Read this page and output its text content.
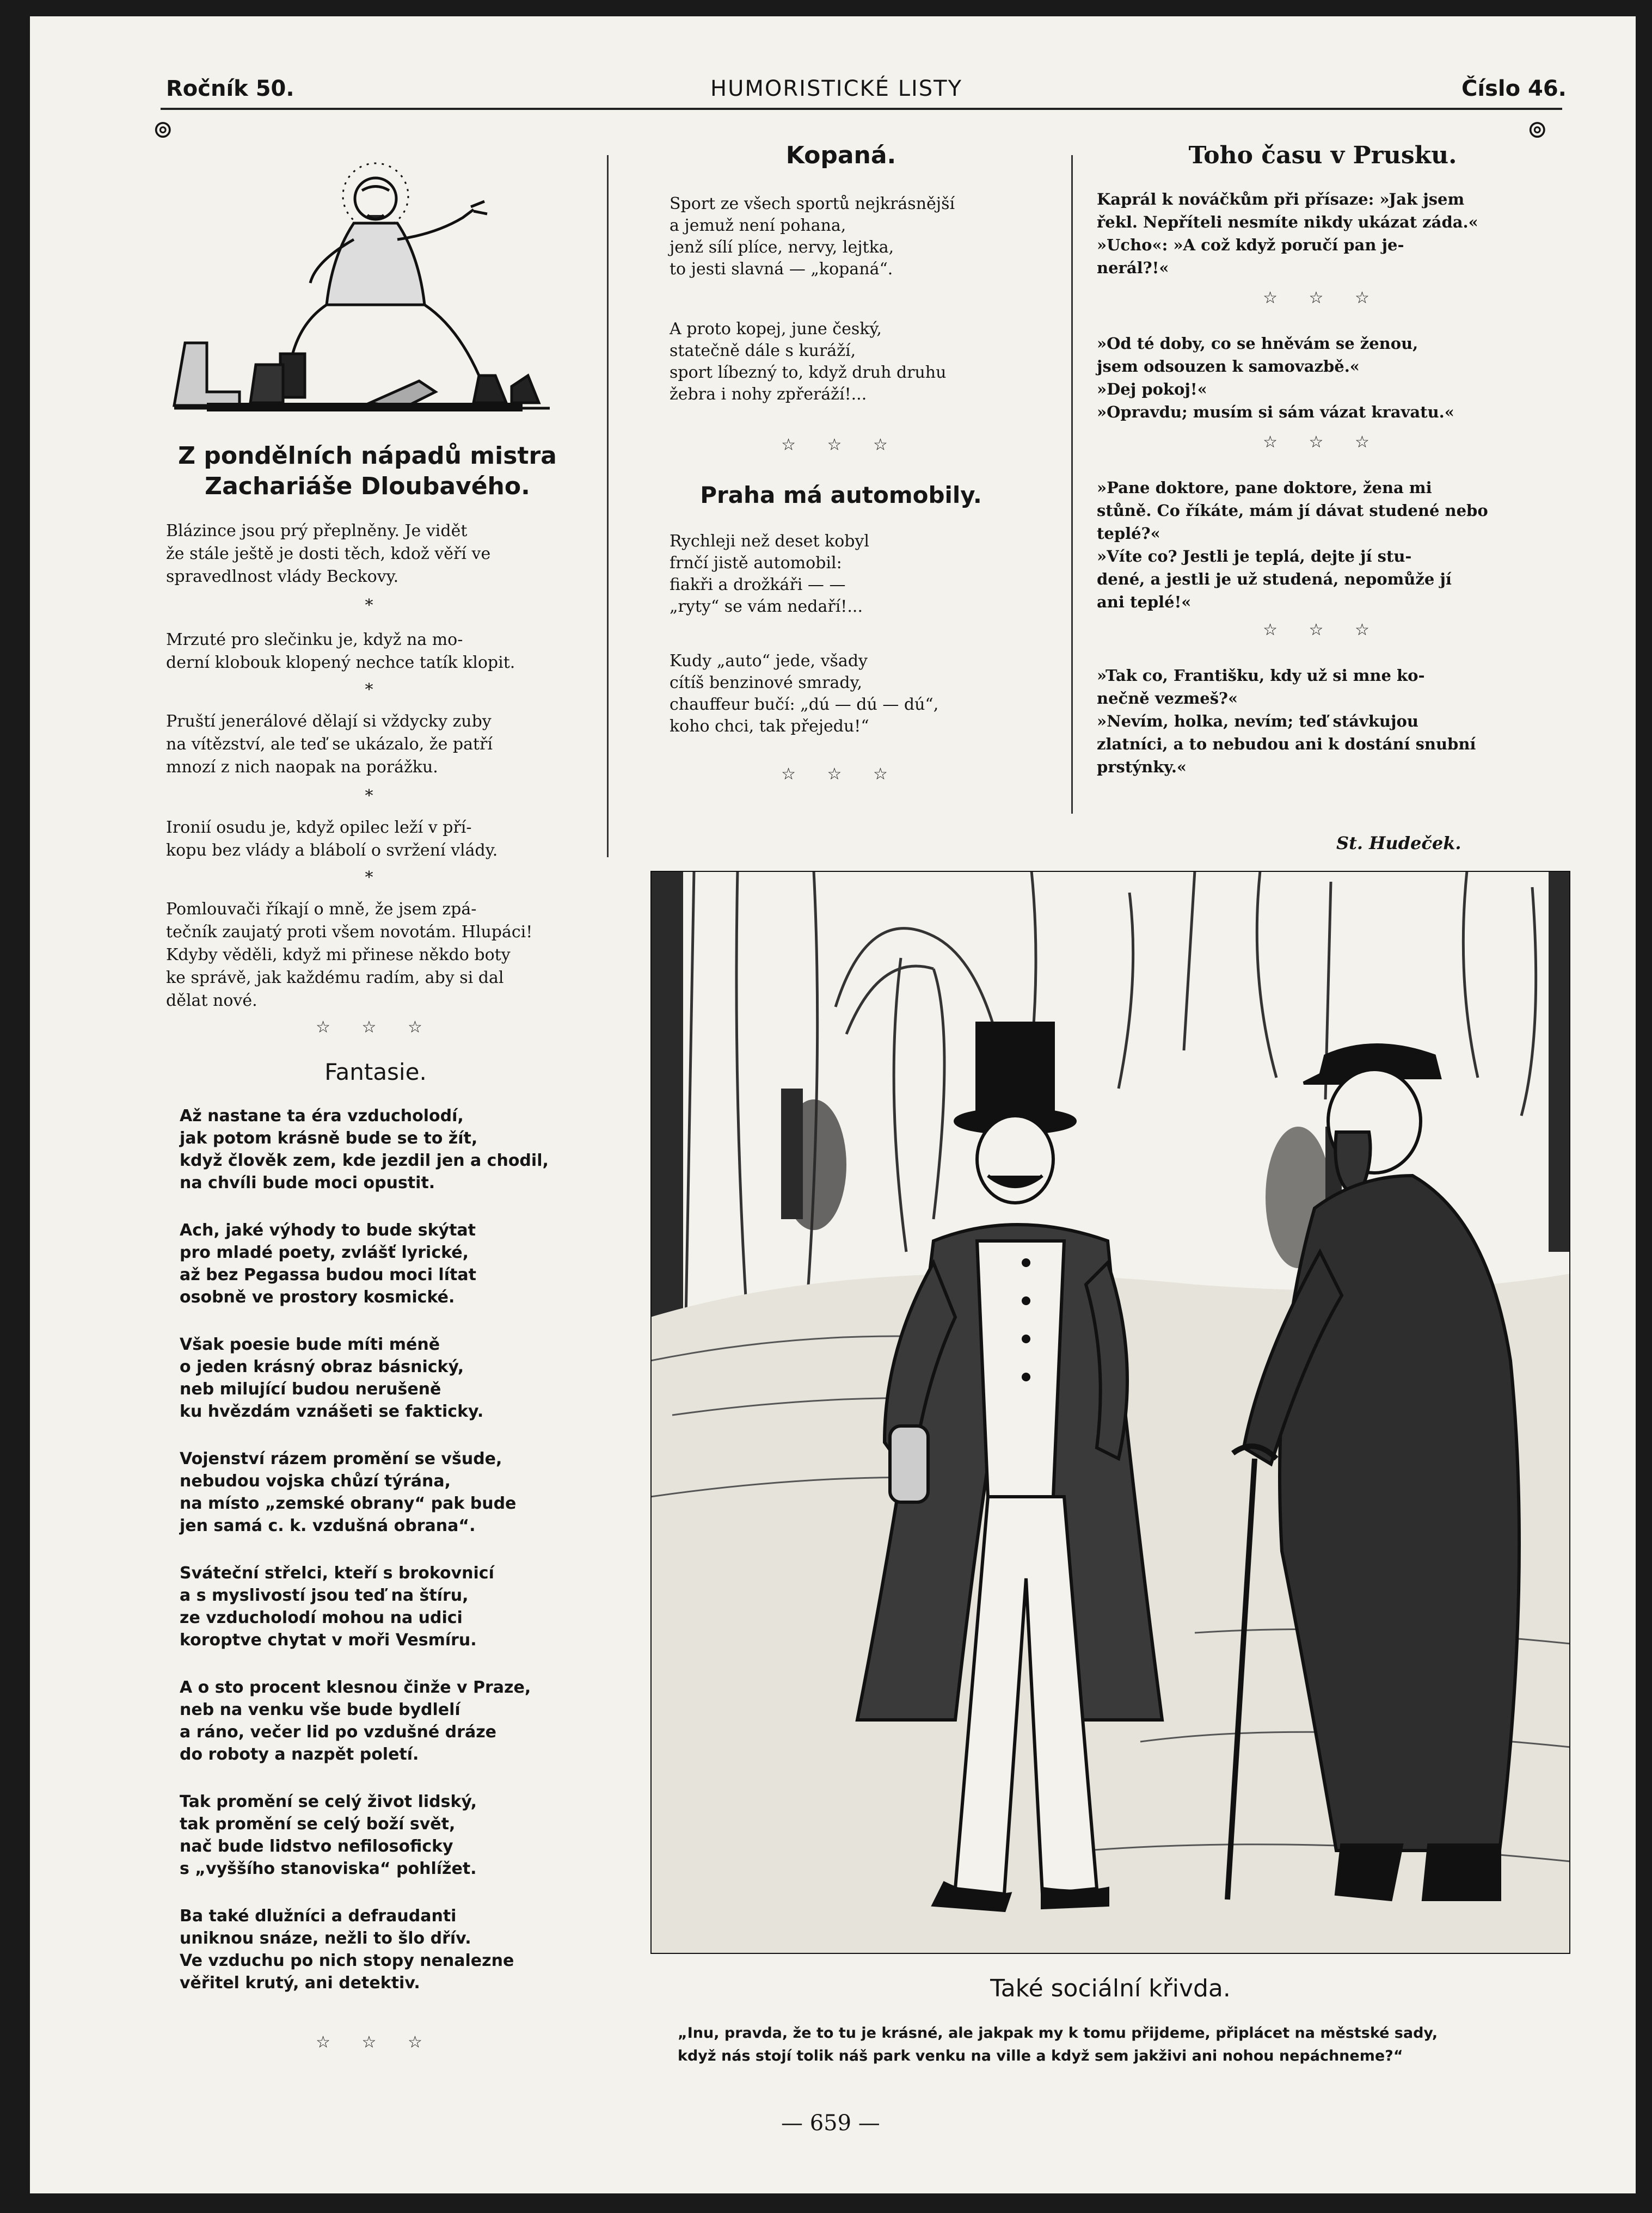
Ročník 50.	HUMORISTICKÉ LISTY	Číslo 46.
⊚	⊚
Z pondělních nápadů mistra
Zachariáše Dloubavého.

Blázince jsou prý přeplněny. Je vidět
že stále ještě je dosti těch, kdož věří ve
spravedlnost vlády Beckovy.

*

Mrzuté pro slečinku je, když na mo-
derní klobouk klopený nechce tatík klopit.

*

Pruští jenerálové dělají si vždycky zuby
na vítězství, ale teď se ukázalo, že patří
mnozí z nich naopak na porážku.

*

Ironií osudu je, když opilec leží v pří-
kopu bez vlády a blábolí o svržení vlády.

*

Pomlouvači říkají o mně, že jsem zpá-
tečník zaujatý proti všem novotám. Hlupáci!
Kdyby věděli, když mi přinese někdo boty
ke správě, jak každému radím, aby si dal
dělat nové.

☆ ☆ ☆
Fantasie.

Až nastane ta éra vzducholodí,
jak potom krásně bude se to žít,
když člověk zem, kde jezdil jen a chodil,
na chvíli bude moci opustit.

Ach, jaké výhody to bude skýtat
pro mladé poety, zvlášť lyrické,
až bez Pegassa budou moci lítat
osobně ve prostory kosmické.

Však poesie bude míti méně
o jeden krásný obraz básnický,
neb milující budou nerušeně
ku hvězdám vznášeti se fakticky.

Vojenství rázem promění se všude,
nebudou vojska chůzí týrána,
na místo „zemské obrany“ pak bude
jen samá c. k. vzdušná obrana“.

Sváteční střelci, kteří s brokovnicí
a s myslivostí jsou teď na štíru,
ze vzducholodí mohou na udici
koroptve chytat v moři Vesmíru.

A o sto procent klesnou činže v Praze,
neb na venku vše bude bydlelí
a ráno, večer lid po vzdušné dráze
do roboty a nazpět poletí.

Tak promění se celý život lidský,
tak promění se celý boží svět,
nač bude lidstvo nefilosoficky
s „vyššího stanoviska“ pohlížet.

Ba také dlužníci a defraudanti
uniknou snáze, nežli to šlo dřív.
Ve vzduchu po nich stopy nenalezne
věřitel krutý, ani detektiv.

☆ ☆ ☆
Kopaná.

Sport ze všech sportů nejkrásnější
a jemuž není pohana,
jenž sílí plíce, nervy, lejtka,
to jesti slavná — „kopaná“.

A proto kopej, june český,
statečně dále s kuráží,
sport líbezný to, když druh druhu
žebra i nohy zpřeráží!...

☆ ☆ ☆
Praha má automobily.

Rychleji než deset kobyl
frnčí jistě automobil:
fiakři a drožkáři — —
„ryty“ se vám nedaří!...

Kudy „auto“ jede, všady
cítíš benzinové smrady,
chauffeur bučí: „dú — dú — dú“,
koho chci, tak přejedu!“

☆ ☆ ☆
Toho času v Prusku.

Kaprál k nováčkům při přísaze: »Jak jsem
řekl. Nepříteli nesmíte nikdy ukázat záda.«
»Ucho«: »A což když poručí pan je-
nerál?!«

☆ ☆ ☆

»Od té doby, co se hněvám se ženou,
jsem odsouzen k samovazbě.«
»Dej pokoj!«
»Opravdu; musím si sám vázat kravatu.«

☆ ☆ ☆

»Pane doktore, pane doktore, žena mi
stůně. Co říkáte, mám jí dávat studené nebo
teplé?«
»Víte co? Jestli je teplá, dejte jí stu-
dené, a jestli je už studená, nepomůže jí
ani teplé!«

☆ ☆ ☆

»Tak co, Františku, kdy už si mne ko-
nečně vezmeš?«
»Nevím, holka, nevím; teď stávkujou
zlatníci, a to nebudou ani k dostání snubní
prstýnky.«

St. Hudeček.
Také sociální křivda.
„Inu, pravda, že to tu je krásné, ale jakpak my k tomu přijdeme, připlácet na městské sady,
když nás stojí tolik náš park venku na ville a když sem jakživi ani nohou nepáchneme?“
— 659 —
